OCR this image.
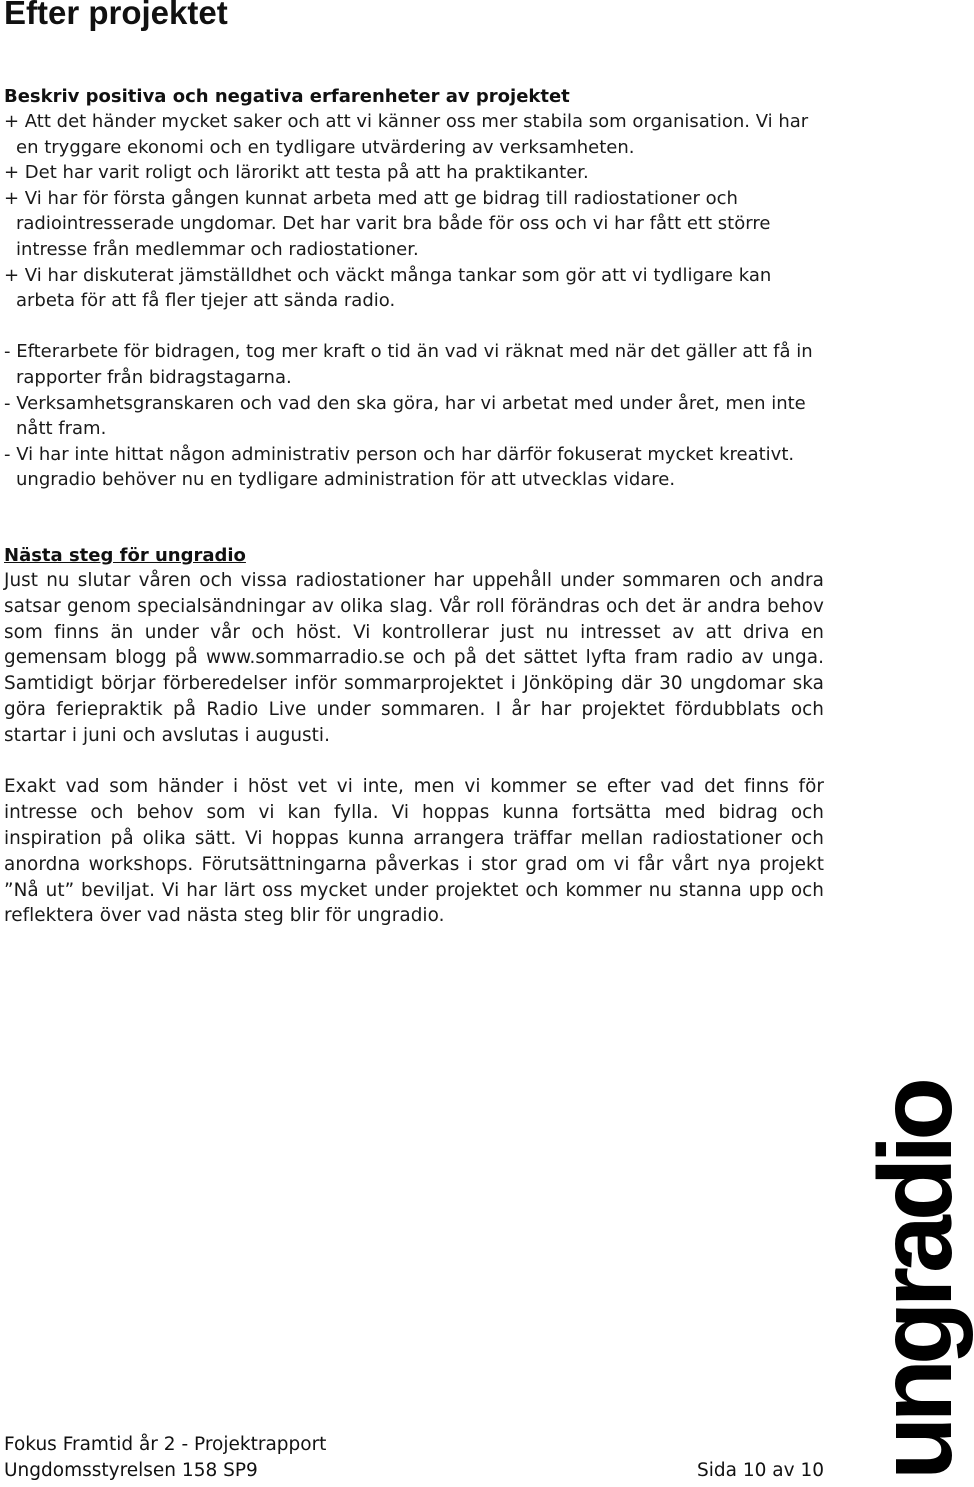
Efter projektet
Beskriv positiva och negativa erfarenheter av projektet
+ Att det händer mycket saker och att vi känner oss mer stabila som organisation. Vi har en tryggare ekonomi och en tydligare utvärdering av verksamheten.
+ Det har varit roligt och lärorikt att testa på att ha praktikanter.
+ Vi har för första gången kunnat arbeta med att ge bidrag till radiostationer och radiointresserade ungdomar. Det har varit bra både för oss och vi har fått ett större intresse från medlemmar och radiostationer.
+ Vi har diskuterat jämställdhet och väckt många tankar som gör att vi tydligare kan arbeta för att få fler tjejer att sända radio.
- Efterarbete för bidragen, tog mer kraft o tid än vad vi räknat med när det gäller att få in rapporter från bidragstagarna.
- Verksamhetsgranskaren och vad den ska göra, har vi arbetat med under året, men inte nått fram.
- Vi har inte hittat någon administrativ person och har därför fokuserat mycket kreativt. ungradio behöver nu en tydligare administration för att utvecklas vidare.
Nästa steg för ungradio

Just nu slutar våren och vissa radiostationer har uppehåll under sommaren och andra satsar genom specialsändningar av olika slag. Vår roll förändras och det är andra behov som finns än under vår och höst. Vi kontrollerar just nu intresset av att driva en gemensam blogg på www.sommarradio.se och på det sättet lyfta fram radio av unga. Samtidigt börjar förberedelser inför sommarprojektet i Jönköping där 30 ungdomar ska göra feriepraktik på Radio Live under sommaren. I år har projektet fördubblats och startar i juni och avslutas i augusti.

Exakt vad som händer i höst vet vi inte, men vi kommer se efter vad det finns för intresse och behov som vi kan fylla. Vi hoppas kunna fortsätta med bidrag och inspiration på olika sätt. Vi hoppas kunna arrangera träffar mellan radiostationer och anordna workshops. Förutsättningarna påverkas i stor grad om vi får vårt nya projekt ”Nå ut” beviljat. Vi har lärt oss mycket under projektet och kommer nu stanna upp och reflektera över vad nästa steg blir för ungradio.

Fokus Framtid år 2 - Projektrapport
Ungdomsstyrelsen 158 SP9	Sida 10 av 10 ungradio
